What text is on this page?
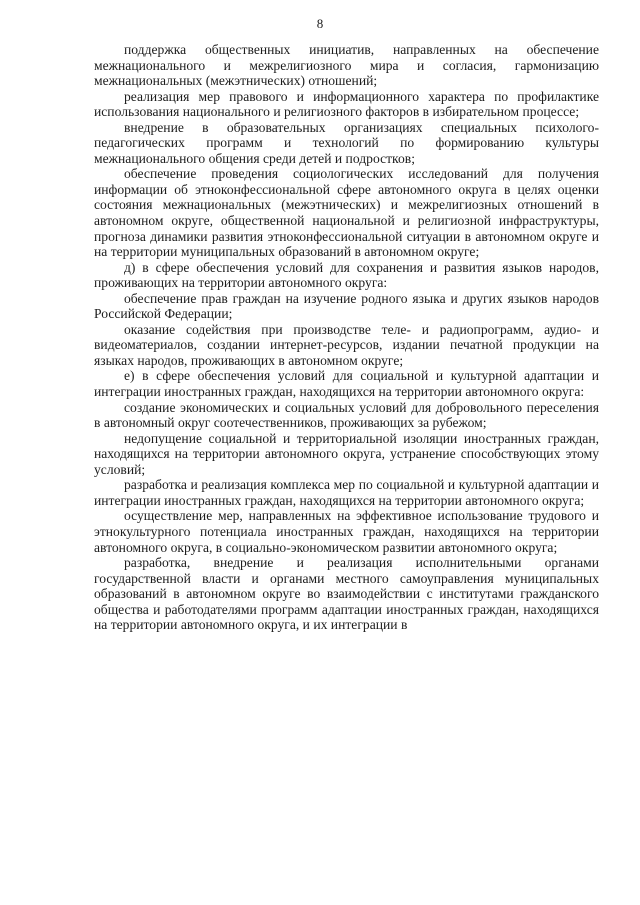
8

поддержка общественных инициатив, направленных на обеспечение межнационального и межрелигиозного мира и согласия, гармонизацию межнациональных (межэтнических) отношений;

реализация мер правового и информационного характера по профилактике использования национального и религиозного факторов в избирательном процессе;

внедрение в образовательных организациях специальных психолого-педагогических программ и технологий по формированию культуры межнационального общения среди детей и подростков;

обеспечение проведения социологических исследований для получения информации об этноконфессиональной сфере автономного округа в целях оценки состояния межнациональных (межэтнических) и межрелигиозных отношений в автономном округе, общественной национальной и религиозной инфраструктуры, прогноза динамики развития этноконфессиональной ситуации в автономном округе и на территории муниципальных образований в автономном округе;

д) в сфере обеспечения условий для сохранения и развития языков народов, проживающих на территории автономного округа:

обеспечение прав граждан на изучение родного языка и других языков народов Российской Федерации;

оказание содействия при производстве теле- и радиопрограмм, аудио- и видеоматериалов, создании интернет-ресурсов, издании печатной продукции на языках народов, проживающих в автономном округе;

е) в сфере обеспечения условий для социальной и культурной адаптации и интеграции иностранных граждан, находящихся на территории автономного округа:

создание экономических и социальных условий для добровольного переселения в автономный округ соотечественников, проживающих за рубежом;

недопущение социальной и территориальной изоляции иностранных граждан, находящихся на территории автономного округа, устранение способствующих этому условий;

разработка и реализация комплекса мер по социальной и культурной адаптации и интеграции иностранных граждан, находящихся на территории автономного округа;

осуществление мер, направленных на эффективное использование трудового и этнокультурного потенциала иностранных граждан, находящихся на территории автономного округа, в социально-экономическом развитии автономного округа;

разработка, внедрение и реализация исполнительными органами государственной власти и органами местного самоуправления муниципальных образований в автономном округе во взаимодействии с институтами гражданского общества и работодателями программ адаптации иностранных граждан, находящихся на территории автономного округа, и их интеграции в
